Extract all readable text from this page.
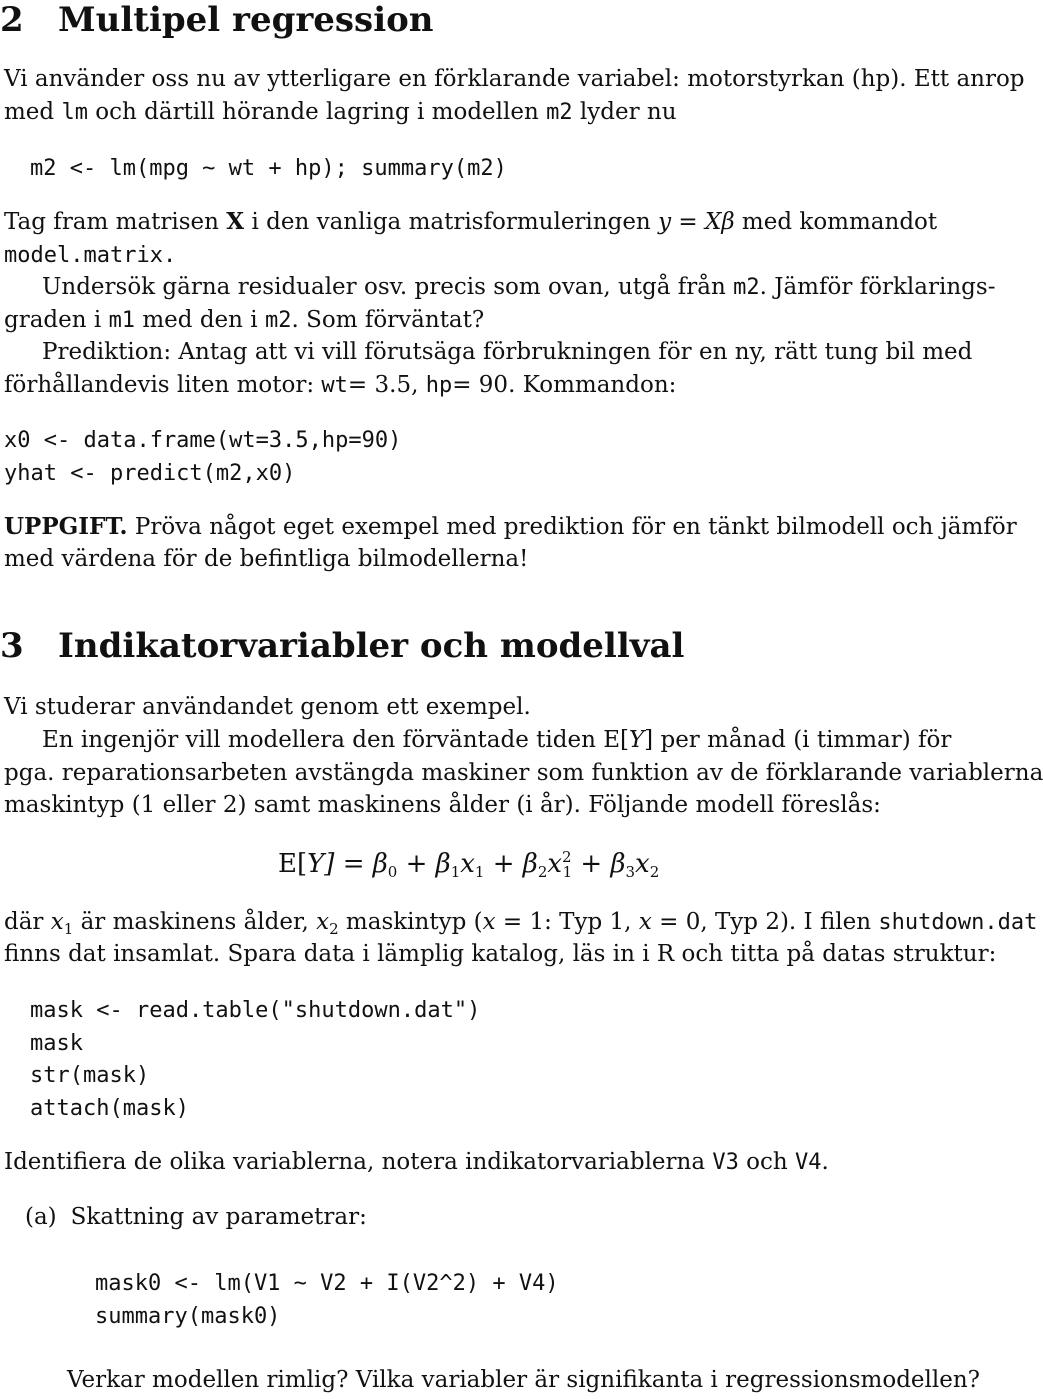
2 Multipel regression
Vi använder oss nu av ytterligare en förklarande variabel: motorstyrkan (hp). Ett anrop
med lm och därtill hörande lagring i modellen m2 lyder nu
m2 <- lm(mpg ~ wt + hp); summary(m2)
Tag fram matrisen X i den vanliga matrisformuleringen y = Xβ med kommandot
model.matrix.
Undersök gärna residualer osv. precis som ovan, utgå från m2. Jämför förklarings-
graden i m1 med den i m2. Som förväntat?
Prediktion: Antag att vi vill förutsäga förbrukningen för en ny, rätt tung bil med
förhållandevis liten motor: wt= 3.5, hp= 90. Kommandon:
x0 <- data.frame(wt=3.5,hp=90)
yhat <- predict(m2,x0)
UPPGIFT. Pröva något eget exempel med prediktion för en tänkt bilmodell och jämför
med värdena för de befintliga bilmodellerna!
3 Indikatorvariabler och modellval
Vi studerar användandet genom ett exempel.
En ingenjör vill modellera den förväntade tiden E[Y] per månad (i timmar) för
pga. reparationsarbeten avstängda maskiner som funktion av de förklarande variablerna
maskintyp (1 eller 2) samt maskinens ålder (i år). Följande modell föreslås:
$E[Y] = \beta_0 + \beta_1x_1 + \beta_2x^2_1 + \beta_3x_2$
där $x_1$ är maskinens ålder, $x_2$ maskintyp (x = 1: Typ 1, x = 0, Typ 2). I filen shutdown.dat
finns dat insamlat. Spara data i lämplig katalog, läs in i R och titta på datas struktur:
mask <- read.table("shutdown.dat")
mask
str(mask)
attach(mask)
Identifiera de olika variablerna, notera indikatorvariablerna V3 och V4.
(a) Skattning av parametrar:
mask0 <- lm(V1 ~ V2 + I(V2^2) + V4)
summary(mask0)
Verkar modellen rimlig? Vilka variabler är signifikanta i regressionsmodellen?
